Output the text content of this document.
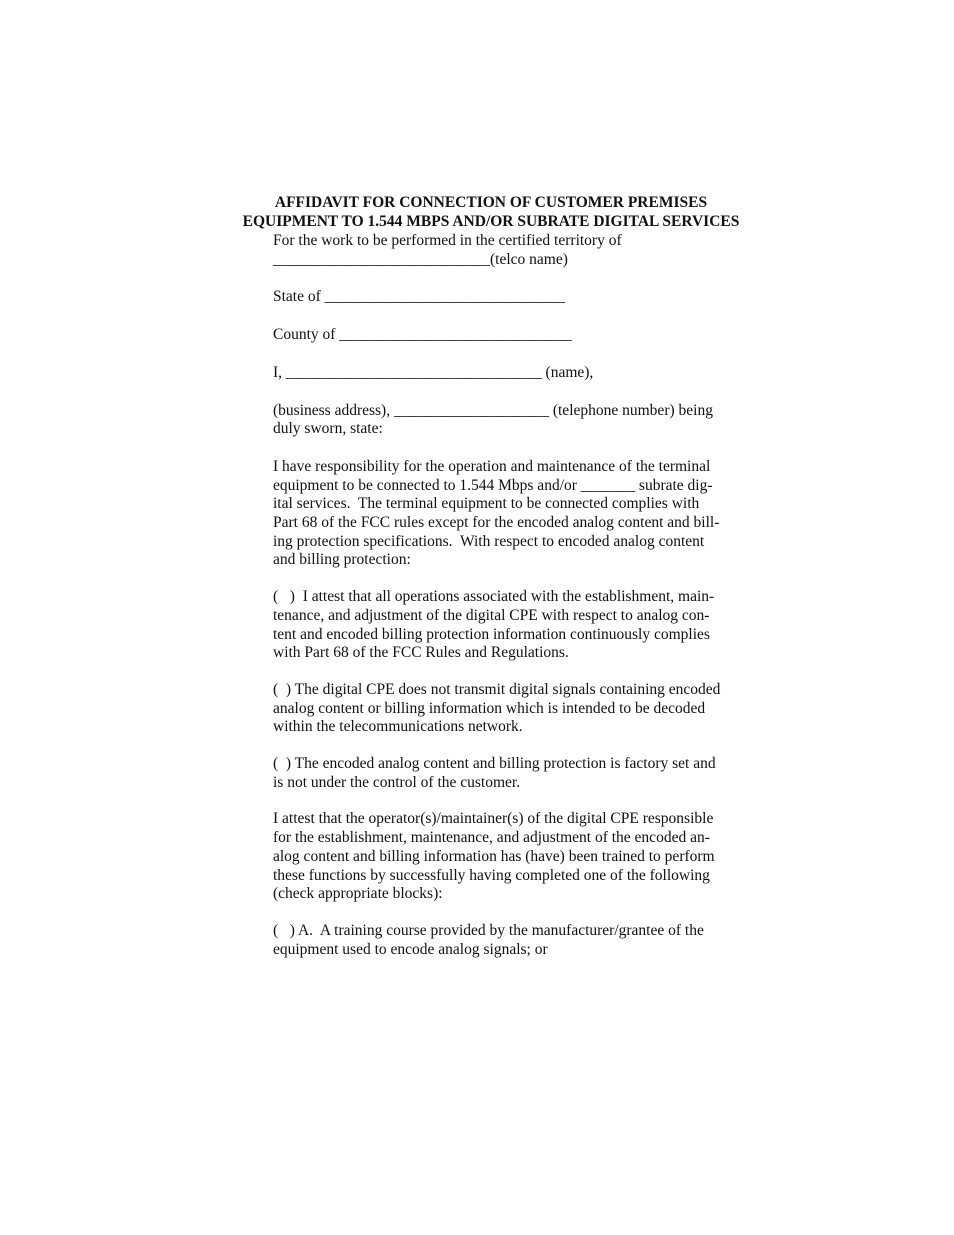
AFFIDAVIT FOR CONNECTION OF CUSTOMER PREMISES
EQUIPMENT TO 1.544 MBPS AND/OR SUBRATE DIGITAL SERVICES

For the work to be performed in the certified territory of

____________________________(telco name)

State of _______________________________

County of ______________________________

I, _________________________________ (name),

(business address), ____________________ (telephone number) being

duly sworn, state:

I have responsibility for the operation and maintenance of the terminal

equipment to be connected to 1.544 Mbps and/or _______ subrate dig-

ital services.  The terminal equipment to be connected complies with

Part 68 of the FCC rules except for the encoded analog content and bill-

ing protection specifications.  With respect to encoded analog content

and billing protection:

(   )  I attest that all operations associated with the establishment, main-

tenance, and adjustment of the digital CPE with respect to analog con-

tent and encoded billing protection information continuously complies

with Part 68 of the FCC Rules and Regulations.

(  ) The digital CPE does not transmit digital signals containing encoded

analog content or billing information which is intended to be decoded

within the telecommunications network.

(  ) The encoded analog content and billing protection is factory set and

is not under the control of the customer.

I attest that the operator(s)/maintainer(s) of the digital CPE responsible

for the establishment, maintenance, and adjustment of the encoded an-

alog content and billing information has (have) been trained to perform

these functions by successfully having completed one of the following

(check appropriate blocks):

(   ) A.  A training course provided by the manufacturer/grantee of the

equipment used to encode analog signals; or
